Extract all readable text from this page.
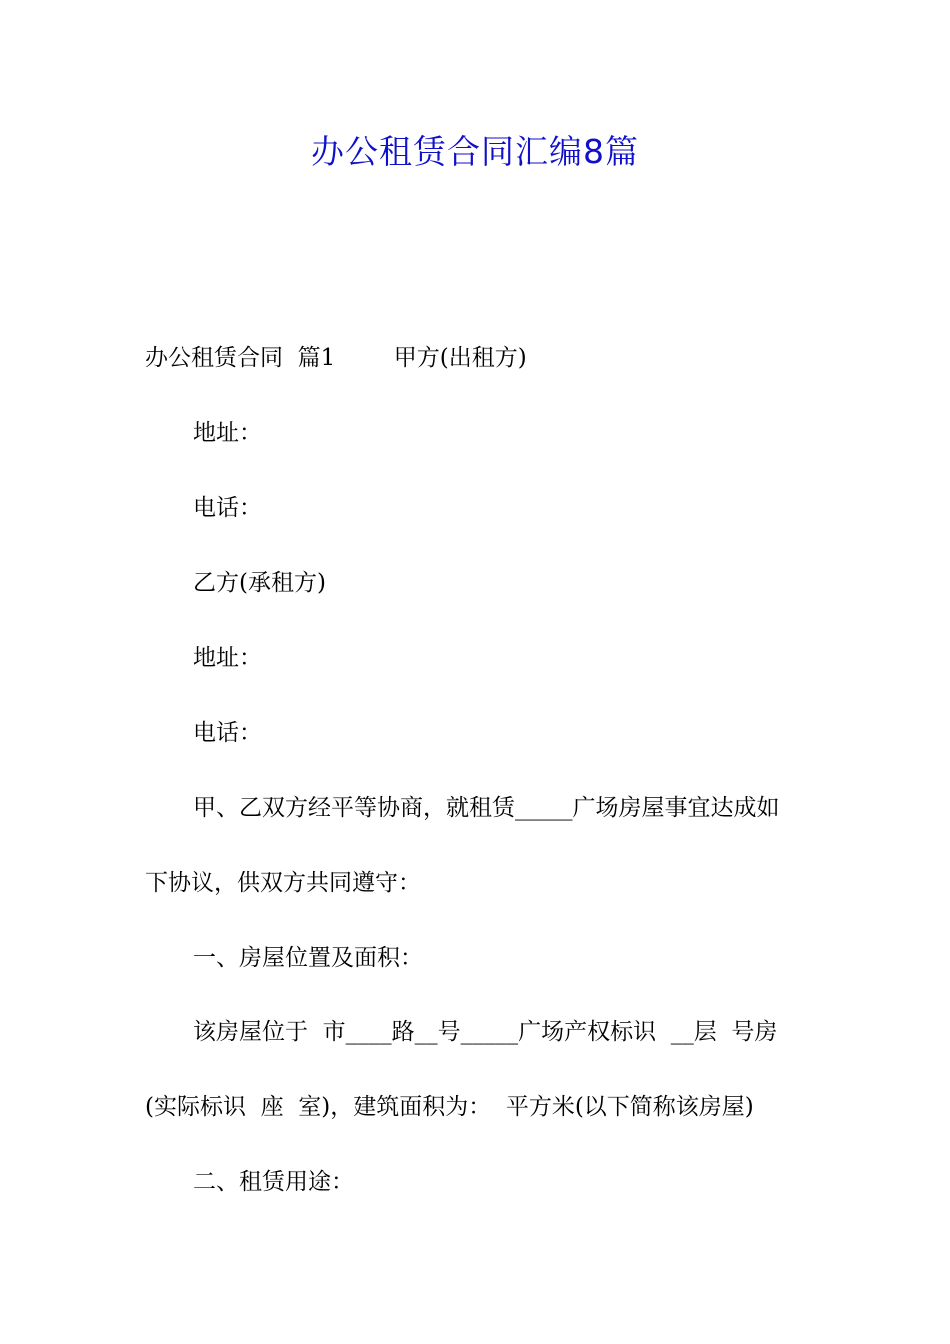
办公租赁合同汇编8篇
办公租赁合同  篇1        甲方(出租方)
地址：
电话：
乙方(承租方)
地址：
电话：
甲、乙双方经平等协商，就租赁_____广场房屋事宜达成如
下协议，供双方共同遵守：
一、房屋位置及面积：
该房屋位于  市____路__号_____广场产权标识  __层  号房
(实际标识  座  室)，建筑面积为：  平方米(以下简称该房屋)
二、租赁用途：
